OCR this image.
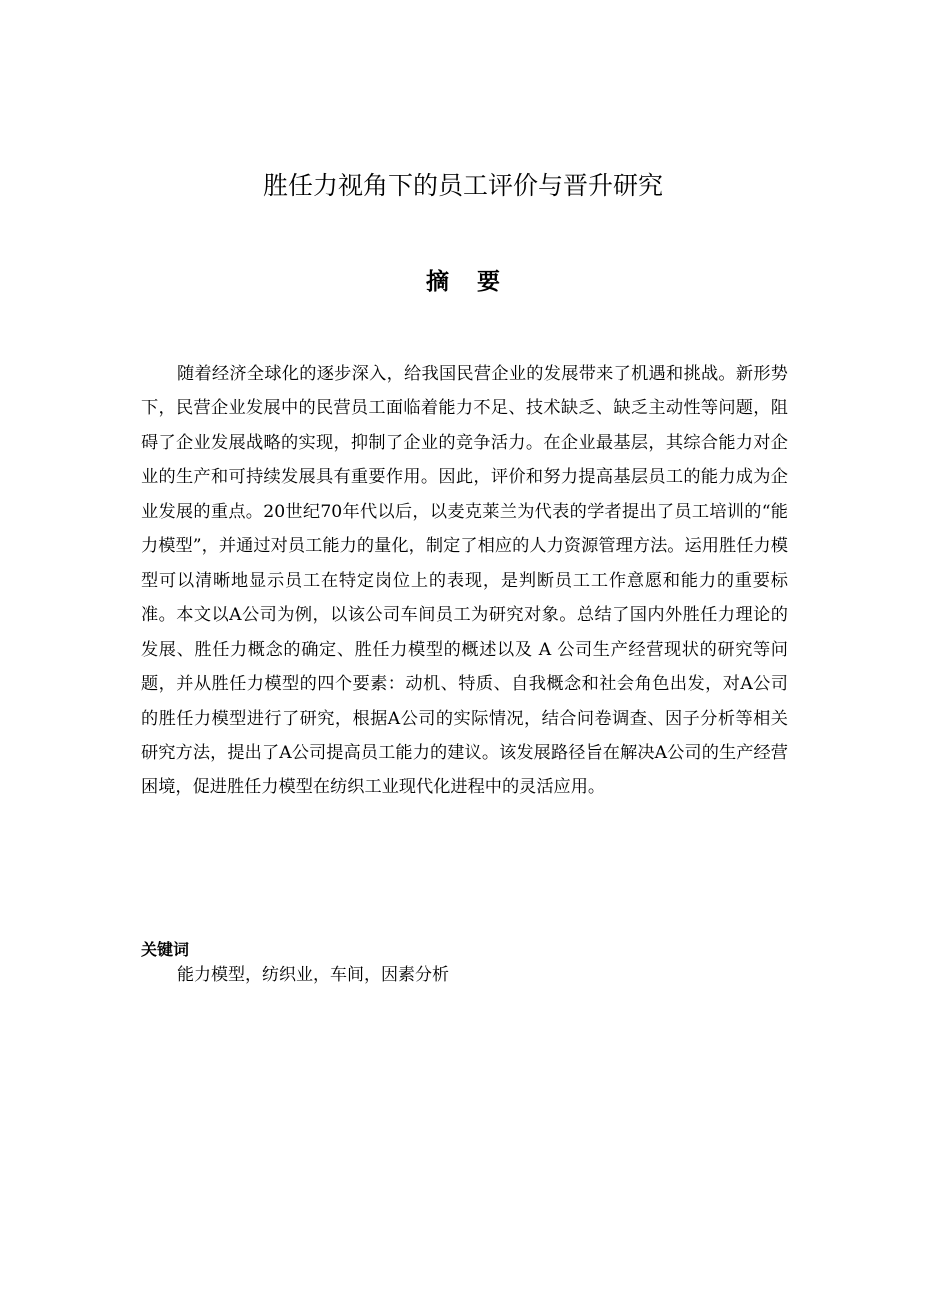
胜任力视角下的员工评价与晋升研究
摘要

随着经济全球化的逐步深入，给我国民营企业的发展带来了机遇和挑战。新形势下，民营企业发展中的民营员工面临着能力不足、技术缺乏、缺乏主动性等问题，阻碍了企业发展战略的实现，抑制了企业的竞争活力。在企业最基层，其综合能力对企业的生产和可持续发展具有重要作用。因此，评价和努力提高基层员工的能力成为企业发展的重点。20世纪70年代以后，以麦克莱兰为代表的学者提出了员工培训的“能力模型”，并通过对员工能力的量化，制定了相应的人力资源管理方法。运用胜任力模型可以清晰地显示员工在特定岗位上的表现，是判断员工工作意愿和能力的重要标准。本文以A公司为例，以该公司车间员工为研究对象。总结了国内外胜任力理论的发展、胜任力概念的确定、胜任力模型的概述以及 A 公司生产经营现状的研究等问题，并从胜任力模型的四个要素：动机、特质、自我概念和社会角色出发，对A公司的胜任力模型进行了研究，根据A公司的实际情况，结合问卷调查、因子分析等相关研究方法，提出了A公司提高员工能力的建议。该发展路径旨在解决A公司的生产经营困境，促进胜任力模型在纺织工业现代化进程中的灵活应用。

关键词
能力模型，纺织业，车间，因素分析
